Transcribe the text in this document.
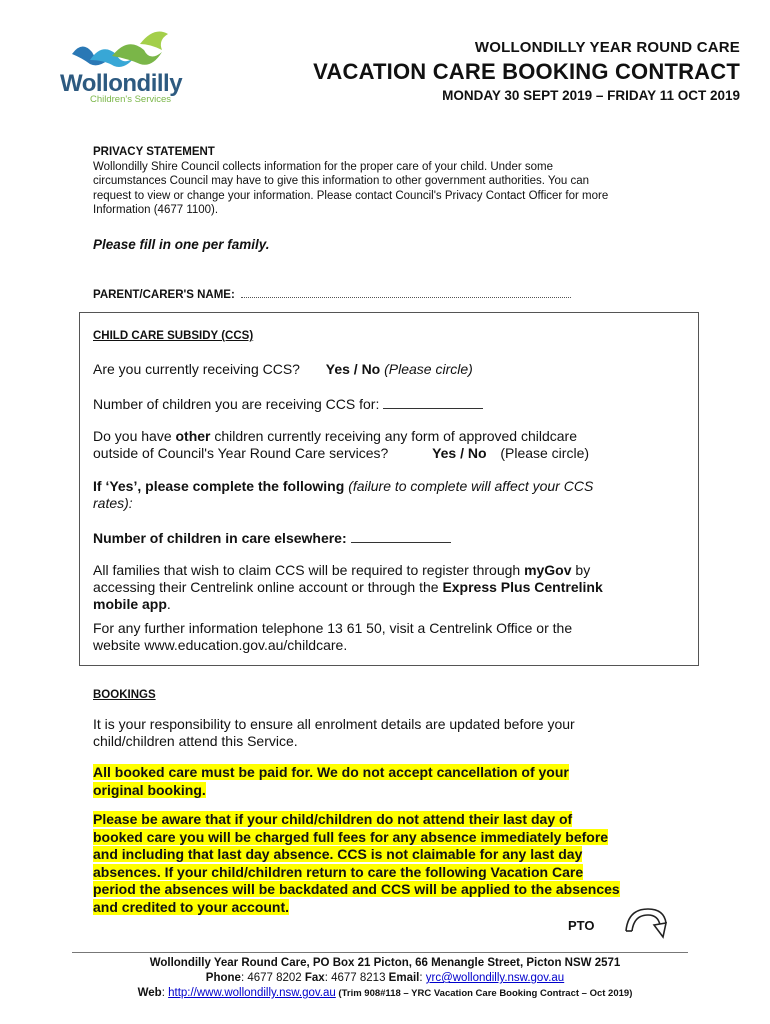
Wollondilly
Children's Services
WOLLONDILLY YEAR ROUND CARE
VACATION CARE BOOKING CONTRACT
MONDAY 30 SEPT 2019 – FRIDAY 11 OCT 2019
PRIVACY STATEMENT
Wollondilly Shire Council collects information for the proper care of your child. Under some
circumstances Council may have to give this information to other government authorities. You can
request to view or change your information. Please contact Council's Privacy Contact Officer for more
Information (4677 1100).
Please fill in one per family.
PARENT/CARER'S NAME:
CHILD CARE SUBSIDY (CCS)
Are you currently receiving CCS? Yes / No (Please circle)
Number of children you are receiving CCS for:
Do you have other children currently receiving any form of approved childcare
outside of Council's Year Round Care services?	Yes / No (Please circle)
If ‘Yes’, please complete the following (failure to complete will affect your CCS
rates):
Number of children in care elsewhere:
All families that wish to claim CCS will be required to register through myGov by
accessing their Centrelink online account or through the Express Plus Centrelink
mobile app.
For any further information telephone 13 61 50, visit a Centrelink Office or the
website www.education.gov.au/childcare.
BOOKINGS
It is your responsibility to ensure all enrolment details are updated before your
child/children attend this Service.
All booked care must be paid for. We do not accept cancellation of your
original booking.
Please be aware that if your child/children do not attend their last day of
booked care you will be charged full fees for any absence immediately before
and including that last day absence. CCS is not claimable for any last day
absences. If your child/children return to care the following Vacation Care
period the absences will be backdated and CCS will be applied to the absences
and credited to your account.
PTO
Wollondilly Year Round Care, PO Box 21 Picton, 66 Menangle Street, Picton NSW 2571
Phone: 4677 8202 Fax: 4677 8213 Email: yrc@wollondilly.nsw.gov.au
Web: http://www.wollondilly.nsw.gov.au (Trim 908#118 – YRC Vacation Care Booking Contract – Oct 2019)
